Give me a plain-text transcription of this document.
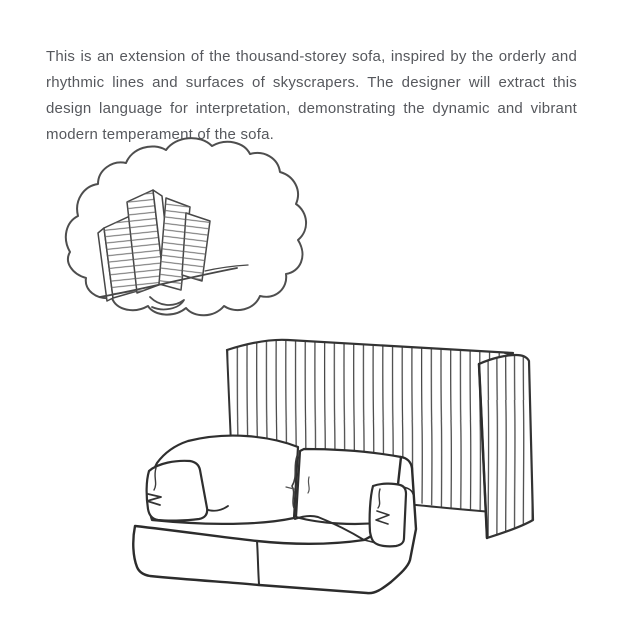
This is an extension of the thousand-storey sofa, inspired by the orderly and
rhythmic lines and surfaces of skyscrapers. The designer will extract this
design language for interpretation, demonstrating the dynamic and vibrant
modern temperament of the sofa.
